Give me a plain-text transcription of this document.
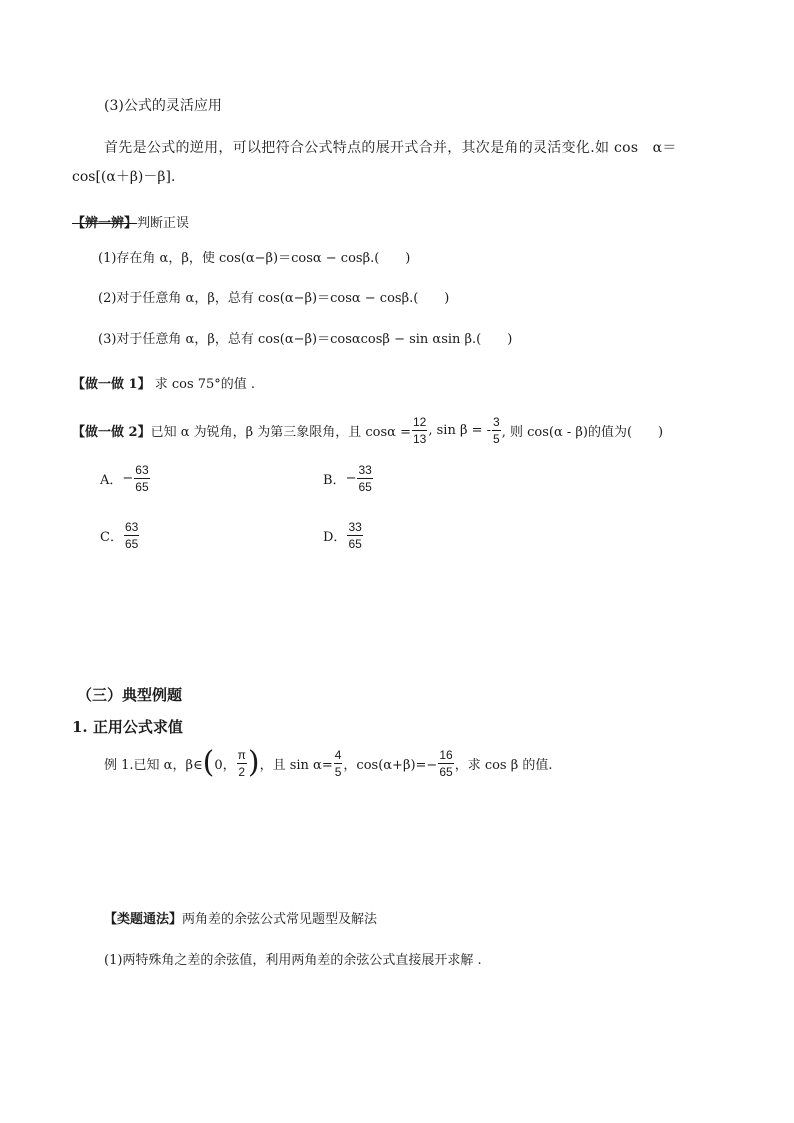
(3)公式的灵活应用
首先是公式的逆用，可以把符合公式特点的展开式合并，其次是角的灵活变化.如 cos　α＝
cos[(α＋β)－β].
【辨一辨】判断正误
(1)存在角 α，β，使 cos(α−β)＝cosα − cosβ.(　　)
(2)对于任意角 α，β，总有 cos(α−β)＝cosα − cosβ.(　　)
(3)对于任意角 α，β，总有 cos(α−β)＝cosαcosβ − sin αsin β.(　　)
【做一做 1】 求 cos 75°的值 .
【做一做 2】 已知 α 为锐角，β 为第三象限角，且 $\cos\alpha = \frac{12}{13}$ , sin β = - $\frac{3}{5}$ , 则 cos(α - β)的值为(　　)
A． − $\frac{63}{65}$	B． − $\frac{33}{65}$
C． $\frac{63}{65}$	D． $\frac{33}{65}$
（三）典型例题
1. 正用公式求值
例 1.已知 α，β∈ ( 0， $\frac{\pi}{2}$ ) ，且 $\sin \alpha= \frac{4}{5}$ ，$\cos(\alpha+\beta)=- \frac{16}{65}$ ，求 cos β 的值.
【类题通法】两角差的余弦公式常见题型及解法
(1)两特殊角之差的余弦值，利用两角差的余弦公式直接展开求解 .
